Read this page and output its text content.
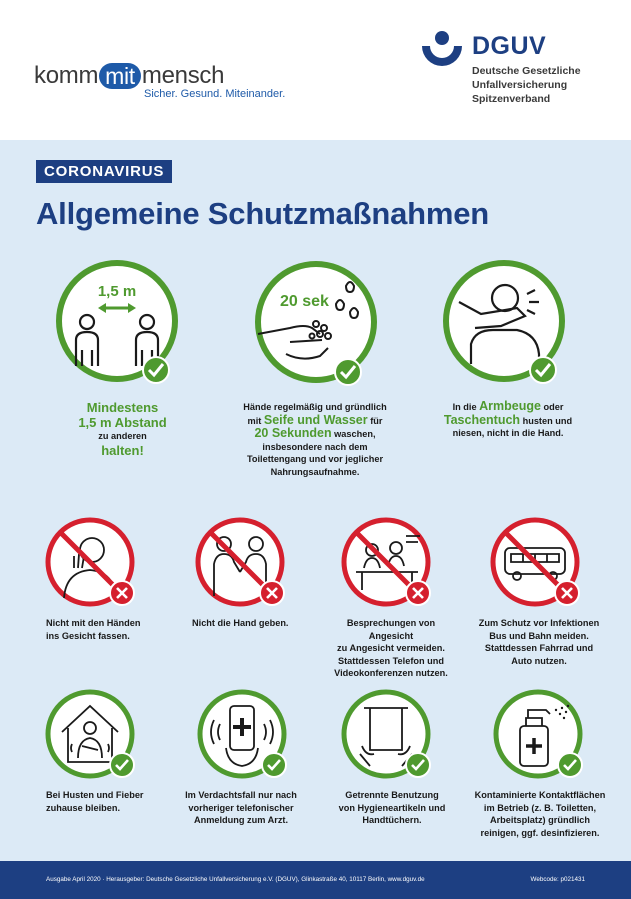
komm mit mensch
Sicher. Gesund. Miteinander.
DGUV
Deutsche Gesetzliche
Unfallversicherung
Spitzenverband
CORONAVIRUS
Allgemeine Schutzmaßnahmen
1,5 m
20 sek
Mindestens
1,5 m Abstand
zu anderen
halten!
Hände regelmäßig und gründlich
mit Seife und Wasser für
20 Sekunden waschen,
insbesondere nach dem
Toilettengang und vor jeglicher
Nahrungsaufnahme.
In die Armbeuge oder
Taschentuch husten und
niesen, nicht in die Hand.
Nicht mit den Händen
ins Gesicht fassen.
Nicht die Hand geben.	Besprechungen von Angesicht
zu Angesicht vermeiden.
Stattdessen Telefon und
Videokonferenzen nutzen.
Zum Schutz vor Infektionen
Bus und Bahn meiden.
Stattdessen Fahrrad und
Auto nutzen.
Bei Husten und Fieber
zuhause bleiben.
Im Verdachtsfall nur nach
vorheriger telefonischer
Anmeldung zum Arzt.
Getrennte Benutzung
von Hygieneartikeln und
Handtüchern.
Kontaminierte Kontaktflächen
im Betrieb (z. B. Toiletten,
Arbeitsplatz) gründlich
reinigen, ggf. desinfizieren.
Ausgabe April 2020 · Herausgeber: Deutsche Gesetzliche Unfallversicherung e.V. (DGUV), Glinkastraße 40, 10117 Berlin, www.dguv.de	Webcode: p021431
